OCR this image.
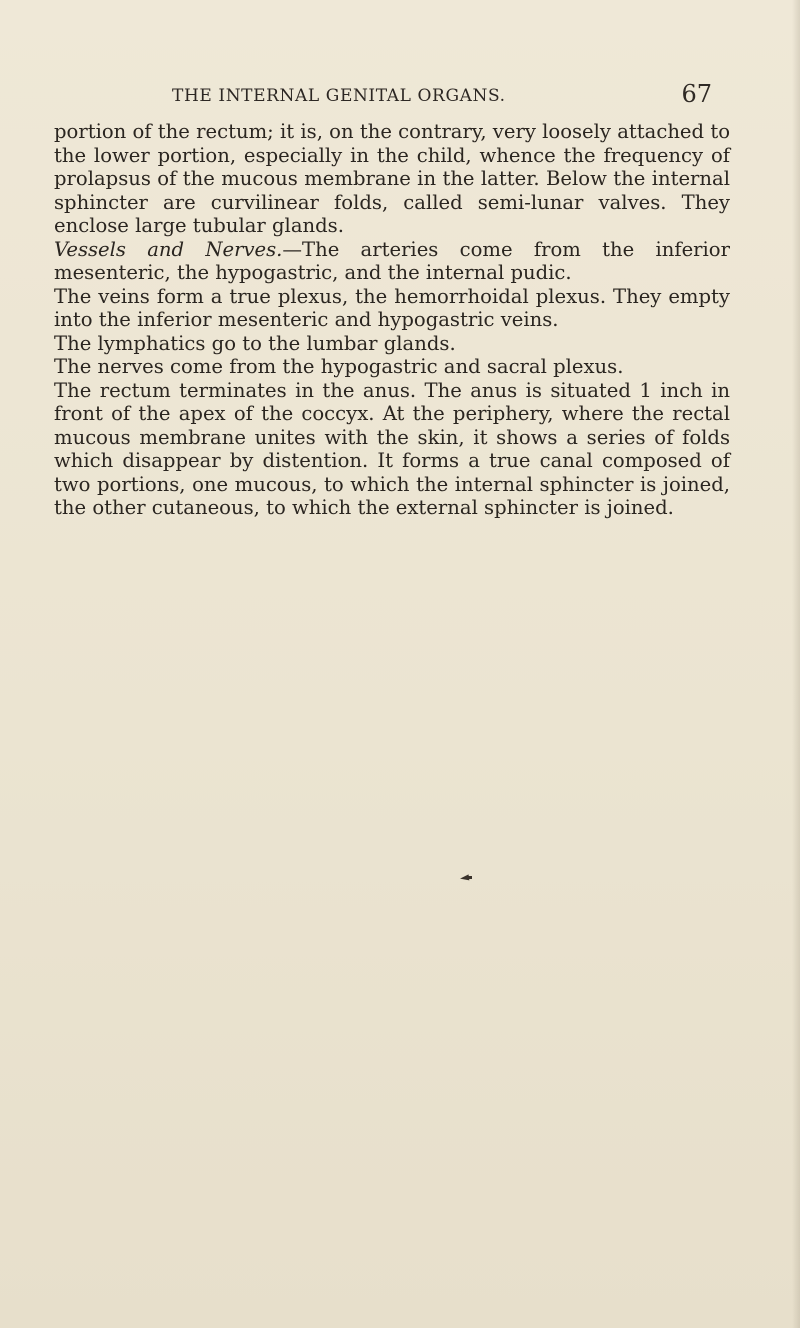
THE INTERNAL GENITAL ORGANS.	67

portion of the rectum; it is, on the contrary, very loosely attached to the lower portion, especially in the child, whence the frequency of prolapsus of the mucous membrane in the latter. Below the internal sphincter are curvilinear folds, called semi-lunar valves. They enclose large tubular glands.

Vessels and Nerves.—The arteries come from the inferior mesenteric, the hypogastric, and the internal pudic.

The veins form a true plexus, the hemorrhoidal plexus. They empty into the inferior mesenteric and hypogastric veins.

The lymphatics go to the lumbar glands.

The nerves come from the hypogastric and sacral plexus.

The rectum terminates in the anus. The anus is situated 1 inch in front of the apex of the coccyx. At the periphery, where the rectal mucous membrane unites with the skin, it shows a series of folds which disappear by distention. It forms a true canal composed of two portions, one mucous, to which the internal sphincter is joined, the other cutaneous, to which the external sphincter is joined.
